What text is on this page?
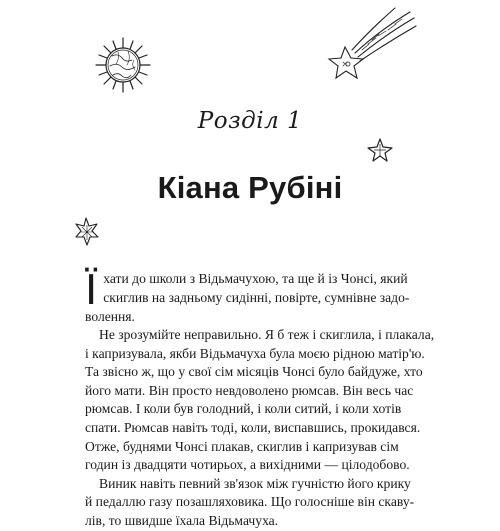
Розділ 1
Кіана Рубіні
Ї хати до школи з Відьмачухою, та ще й із Чонсі, який
скиглив на задньому сидінні, повірте, сумнівне задо-
волення.
Не зрозумійте неправильно. Я б теж і скиглила, і плакала,
і капризувала, якби Відьмачуха була моєю рідною матір'ю.
Та звісно ж, що у свої сім місяців Чонсі було байдуже, хто
його мати. Він просто невдоволено рюмсав. Він весь час
рюмсав. І коли був голодний, і коли ситий, і коли хотів
спати. Рюмсав навіть тоді, коли, виспавшись, прокидався.
Отже, буднями Чонсі плакав, скиглив і капризував сім
годин із двадцяти чотирьох, а вихідними — цілодобово.
Виник навіть певний зв'язок між гучністю його крику
й педаллю газу позашляховика. Що голосніше він скаву-
лів, то швидше їхала Відьмачуха.
